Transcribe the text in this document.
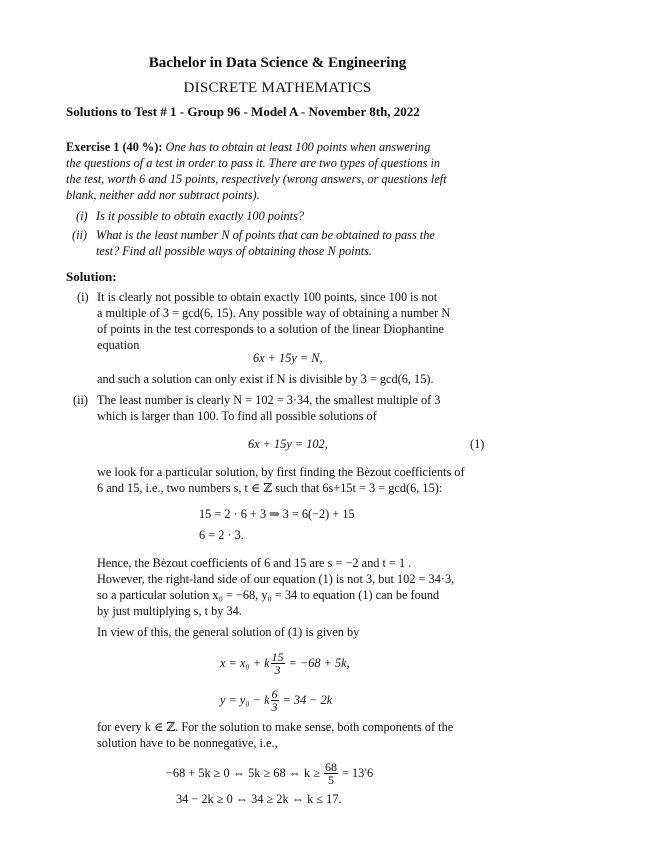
Bachelor in Data Science & Engineering
DISCRETE MATHEMATICS
Solutions to Test # 1 - Group 96 - Model A - November 8th, 2022
Exercise 1 (40 %): One has to obtain at least 100 points when answering
the questions of a test in order to pass it. There are two types of questions in
the test, worth 6 and 15 points, respectively (wrong answers, or questions left
blank, neither add nor subtract points).
(i) Is it possible to obtain exactly 100 points?
(ii) What is the least number N of points that can be obtained to pass the
test? Find all possible ways of obtaining those N points.
Solution:
(i) It is clearly not possible to obtain exactly 100 points, since 100 is not
a multiple of 3 = gcd(6, 15). Any possible way of obtaining a number N
of points in the test corresponds to a solution of the linear Diophantine
equation
6x + 15y = N,
and such a solution can only exist if N is divisible by 3 = gcd(6, 15).
(ii) The least number is clearly N = 102 = 3·34, the smallest multiple of 3
which is larger than 100. To find all possible solutions of
6x + 15y = 102,	(1)
we look for a particular solution, by first finding the Bèzout coefficients of
6 and 15, i.e., two numbers s, t ∈ ℤ such that 6s+15t = 3 = gcd(6, 15):
15 = 2 · 6 + 3 ⇒ 3 = 6(−2) + 15
6 = 2 · 3.
Hence, the Bèzout coefficients of 6 and 15 are s = −2 and t = 1 .
However, the right-land side of our equation (1) is not 3, but 102 = 34·3,
so a particular solution x₀ = −68, y₀ = 34 to equation (1) can be found
by just multiplying s, t by 34.
In view of this, the general solution of (1) is given by
x = x₀ + k $\frac{15}{3} = -68 + 5k$,
y = y₀ − k $\frac{6}{3} = 34 - 2k$
for every k ∈ ℤ. For the solution to make sense, both components of the
solution have to be nonnegative, i.e.,
−68 + 5k ≥ 0 ⇔ 5k ≥ 68 ⇔ $k \ge \frac{68}{5} = 13'6$
34 − 2k ≥ 0 ⇔ 34 ≥ 2k ⇔ k ≤ 17.
